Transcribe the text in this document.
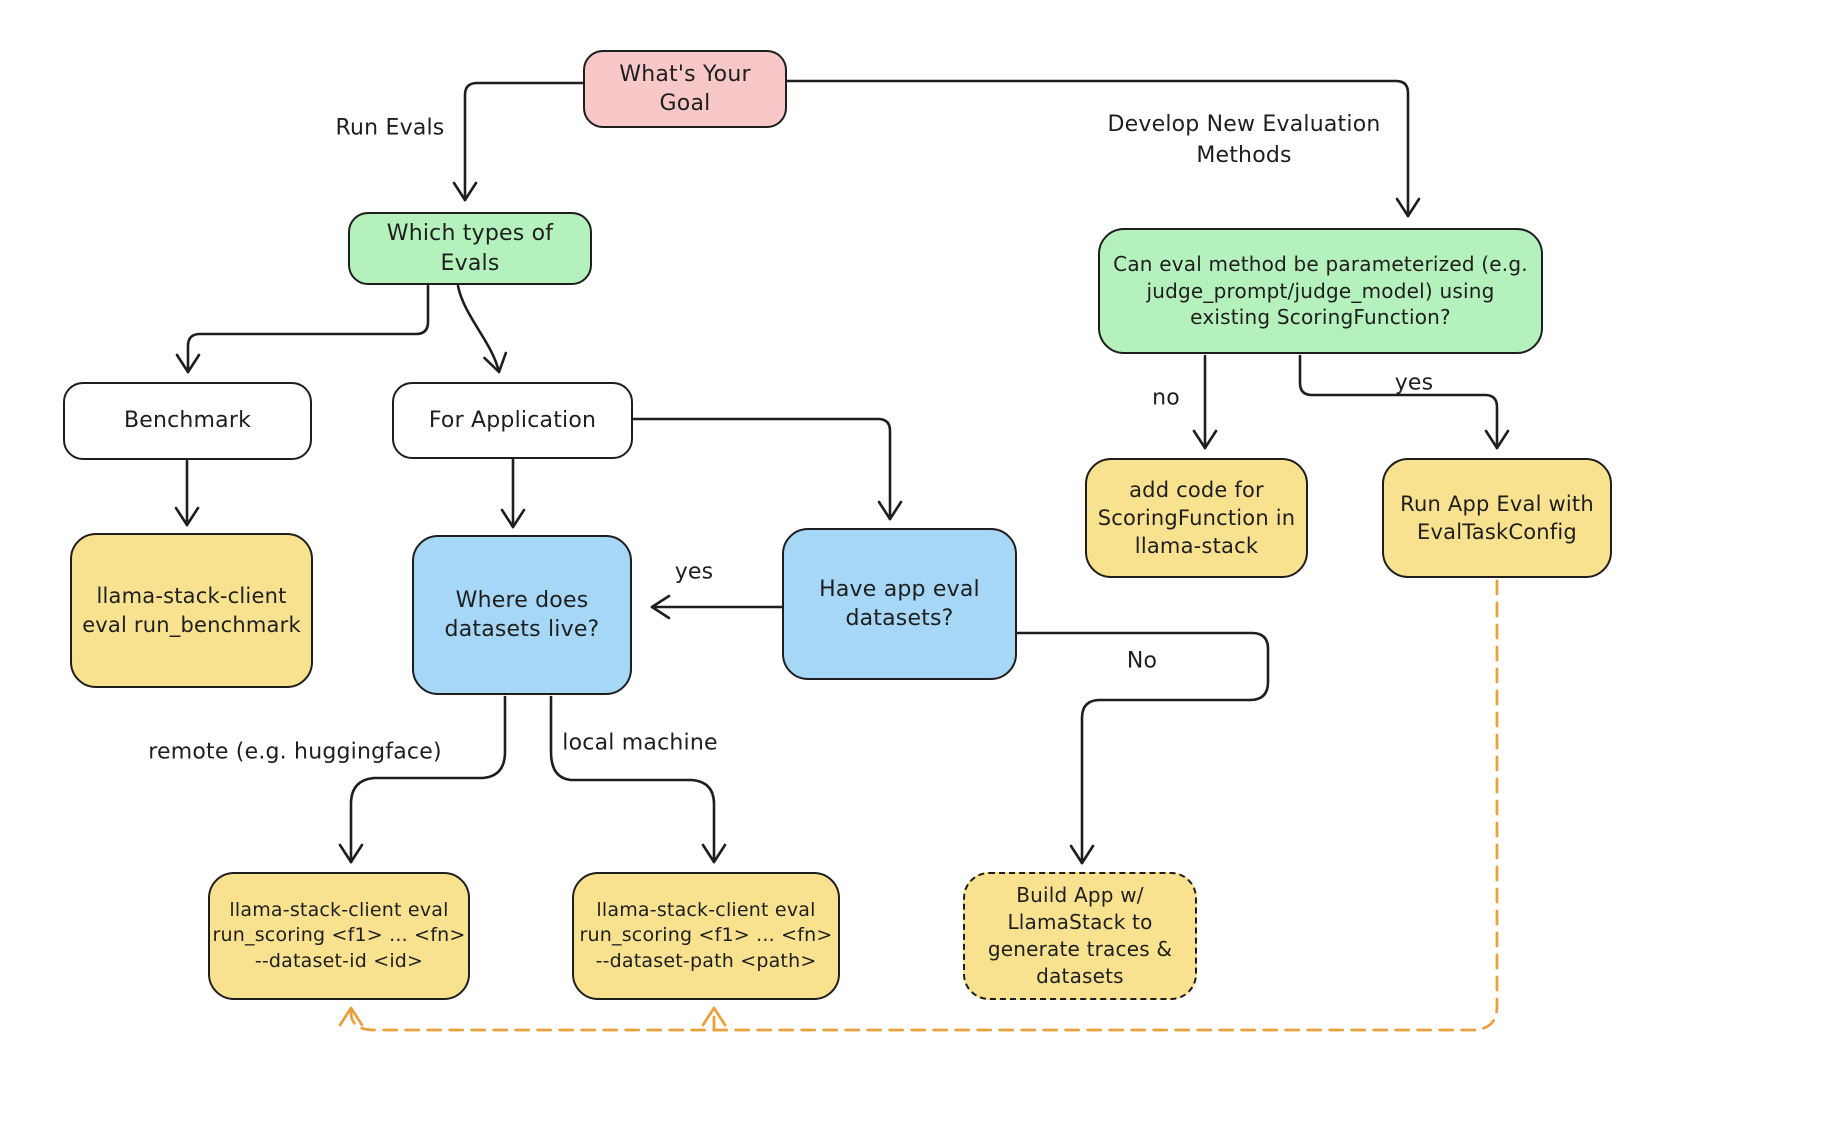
What's Your
Goal
Which types of
Evals	Can eval method be parameterized (e.g.
judge_prompt/judge_model) using
existing ScoringFunction?
Benchmark	For Application
llama-stack-client
eval run_benchmark
Where does
datasets live?
Have app eval
datasets?
add code for
ScoringFunction in
llama-stack
Run App Eval with
EvalTaskConfig
llama-stack-client eval
run_scoring <f1> ... <fn>
--dataset-id <id>
llama-stack-client eval
run_scoring <f1> ... <fn>
--dataset-path <path>
Build App w/
LlamaStack to
generate traces &
datasets
Run Evals	Develop New Evaluation
Methods
yes
no
yes
No
remote (e.g. huggingface)	local machine
